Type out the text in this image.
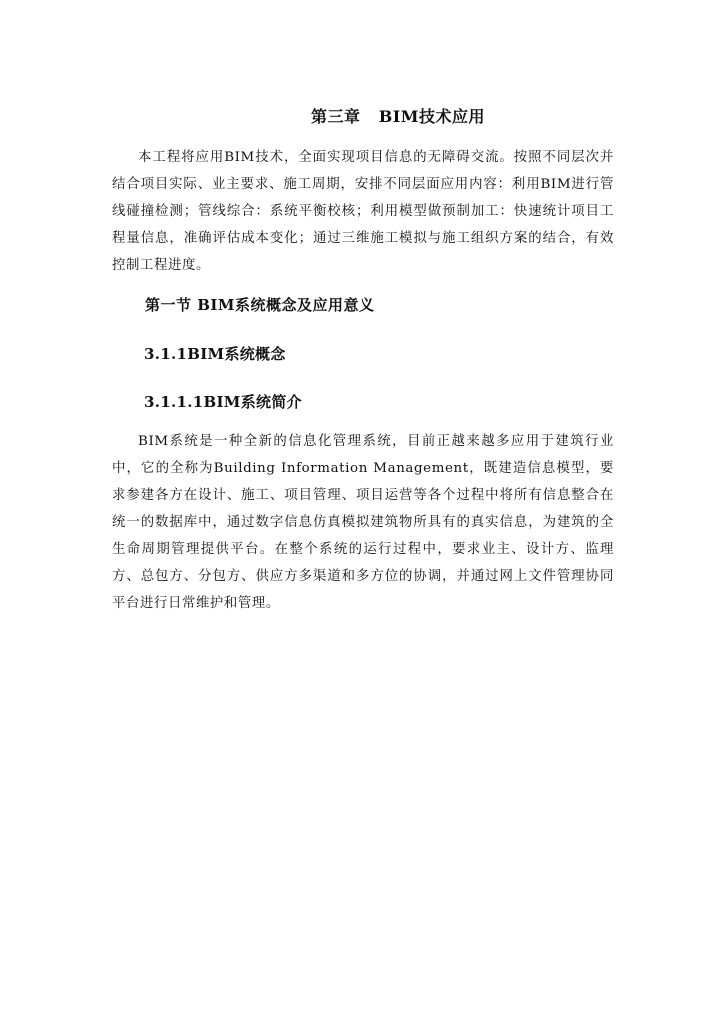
第三章   BIM技术应用

本工程将应用BIM技术，全面实现项目信息的无障碍交流。按照不同层次并结合项目实际、业主要求、施工周期，安排不同层面应用内容：利用BIM进行管线碰撞检测；管线综合：系统平衡校核；利用模型做预制加工：快速统计项目工程量信息，准确评估成本变化；通过三维施工模拟与施工组织方案的结合，有效控制工程进度。

第一节 BIM系统概念及应用意义
3.1.1BIM系统概念
3.1.1.1BIM系统简介

BIM系统是一种全新的信息化管理系统，目前正越来越多应用于建筑行业中，它的全称为Building Information Management，既建造信息模型，要求参建各方在设计、施工、项目管理、项目运营等各个过程中将所有信息整合在统一的数据库中，通过数字信息仿真模拟建筑物所具有的真实信息，为建筑的全生命周期管理提供平台。在整个系统的运行过程中，要求业主、设计方、监理方、总包方、分包方、供应方多渠道和多方位的协调，并通过网上文件管理协同平台进行日常维护和管理。
